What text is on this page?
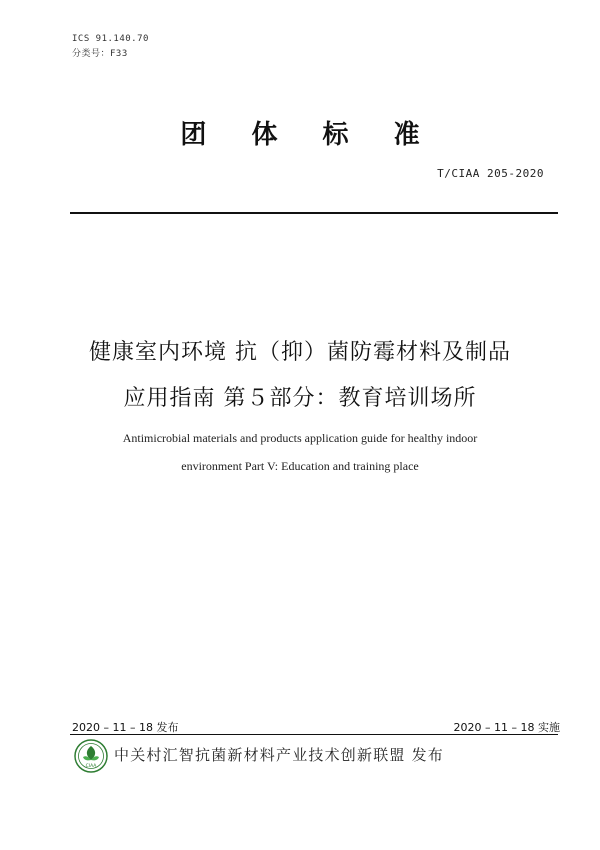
ICS 91.140.70
分类号：F33
团 体 标 准
T/CIAA 205-2020
健康室内环境 抗（抑）菌防霉材料及制品
应用指南 第５部分：教育培训场所
Antimicrobial materials and products application guide for healthy indoor
environment Part V: Education and training place
2020 – 11 – 18 发布	2020 – 11 – 18 实施
CIAA
中关村汇智抗菌新材料产业技术创新联盟 发布
